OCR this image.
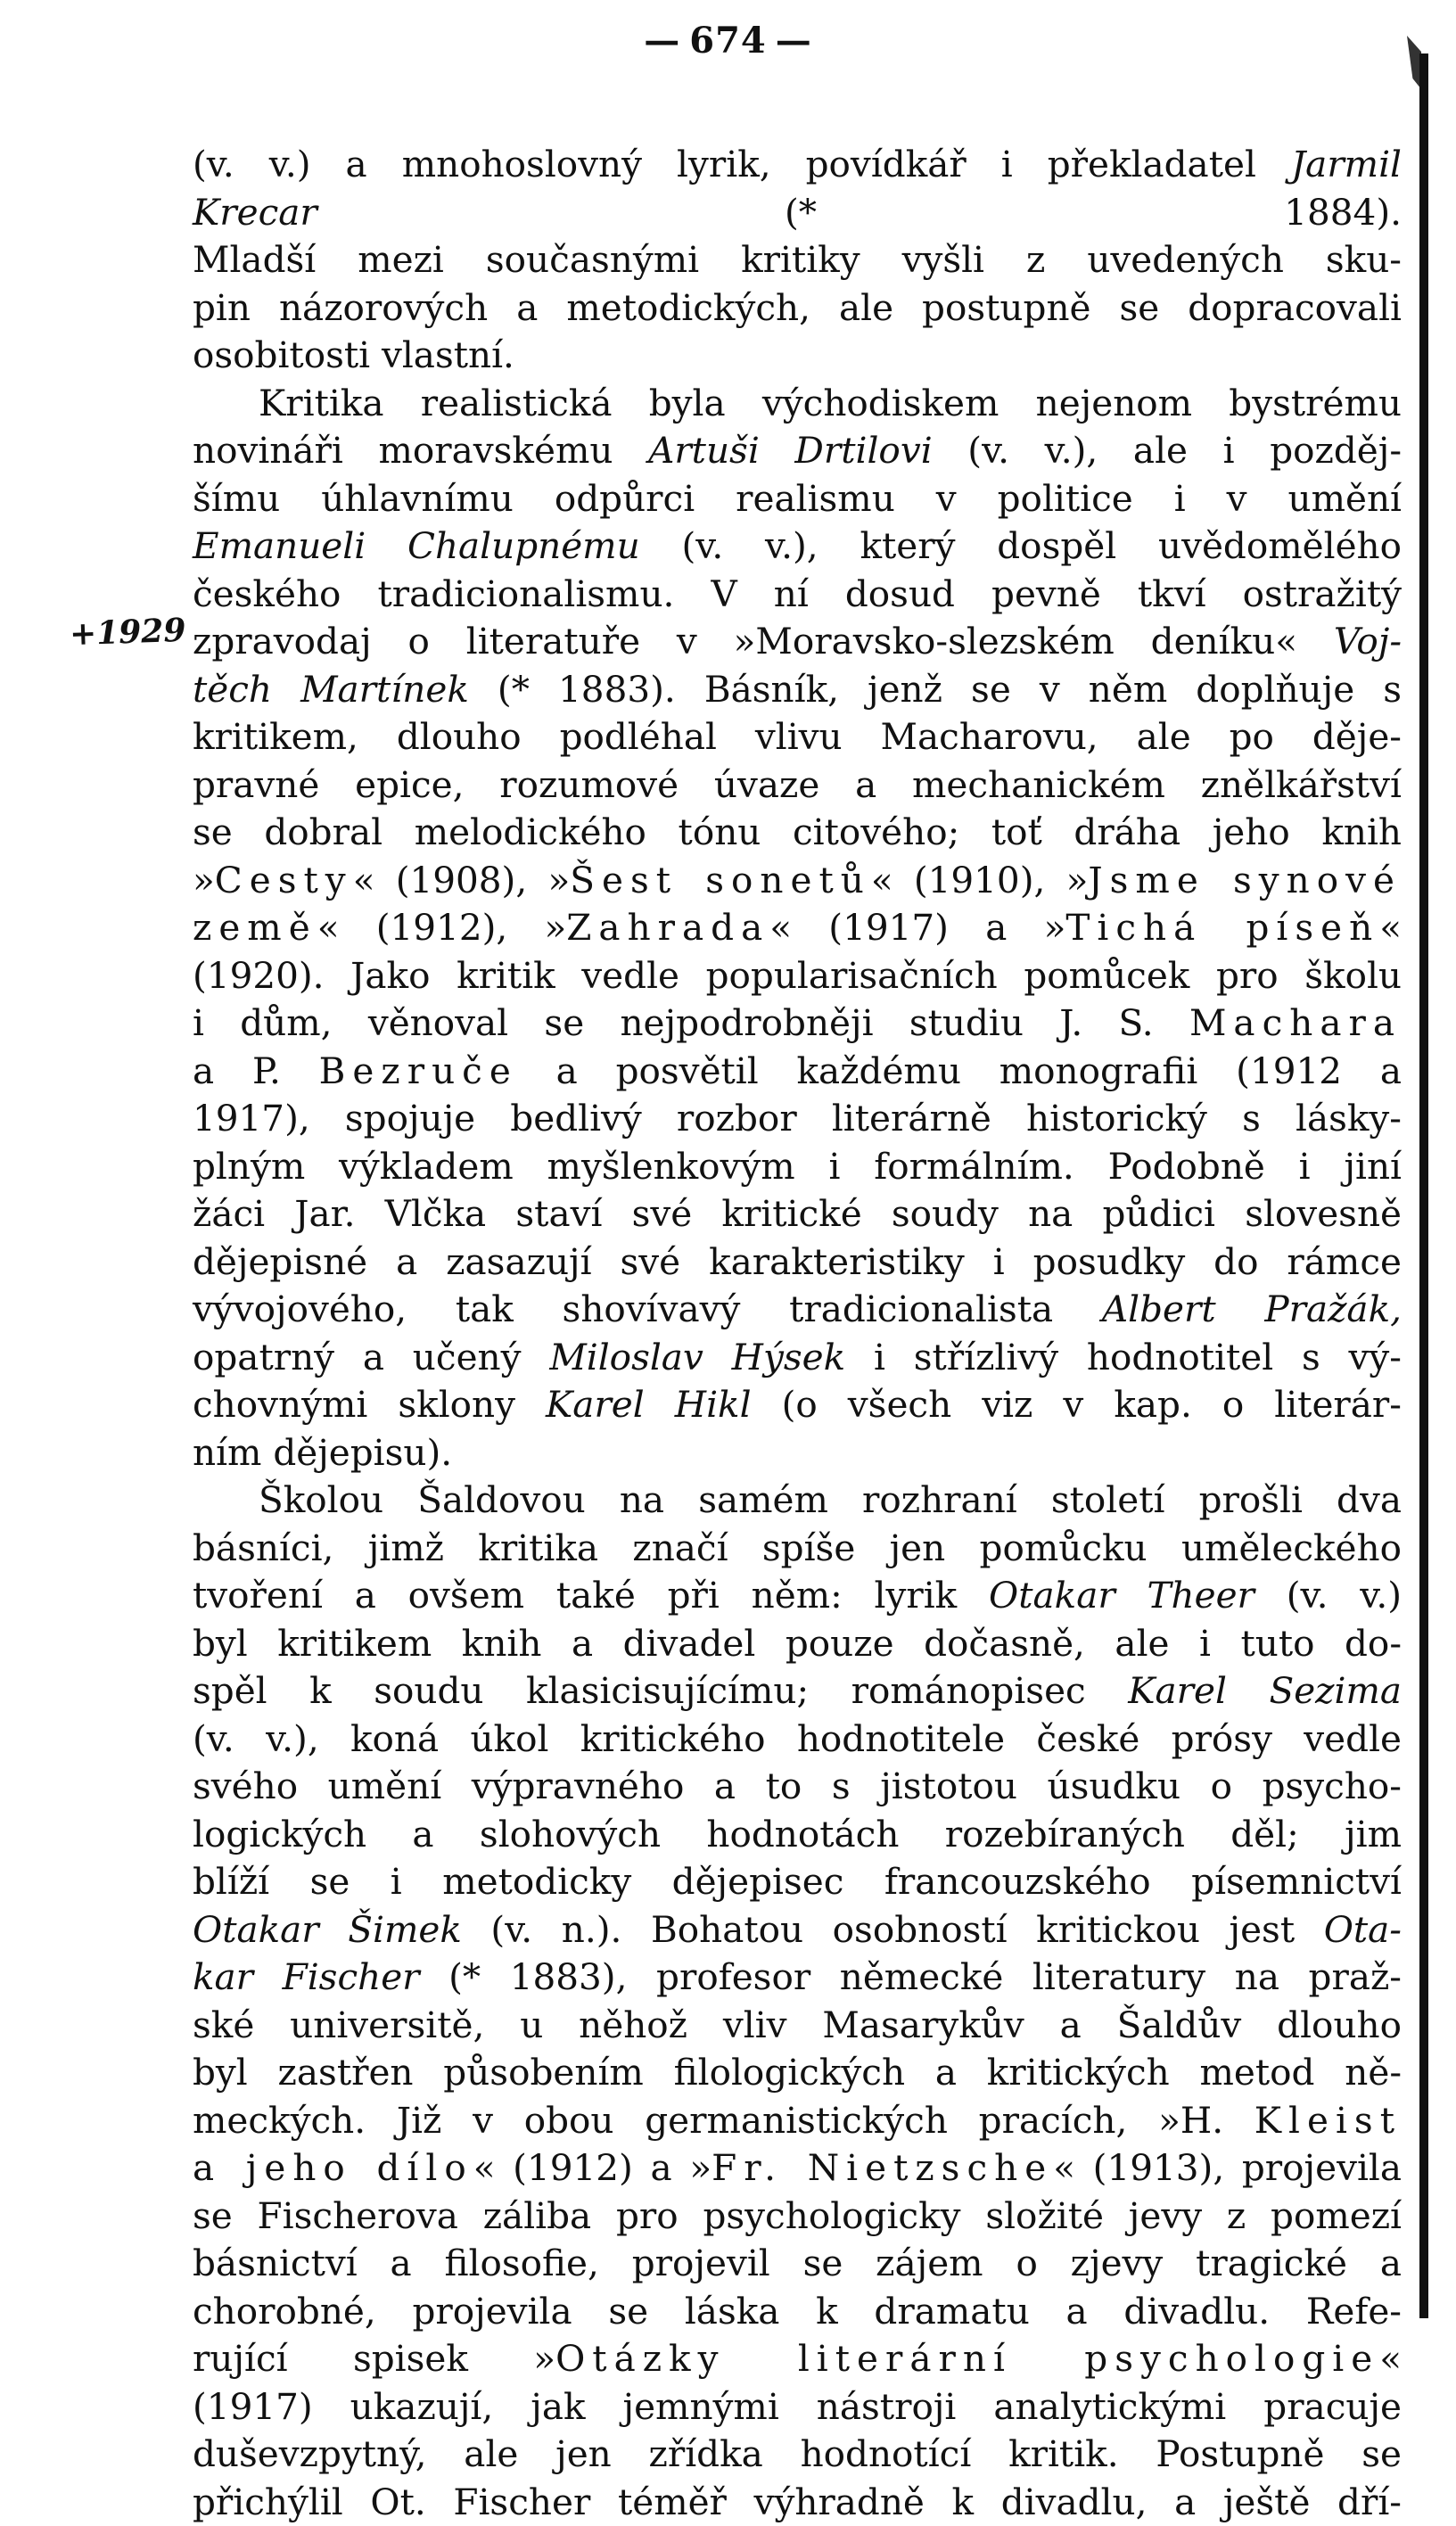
— 674 —
+1929
(v. v.) a mnohoslovný lyrik, povídkář i překladatel Jarmil
Krecar (* 1884).
Mladší mezi současnými kritiky vyšli z uvedených sku-
pin názorových a metodických, ale postupně se dopracovali
osobitosti vlastní.
Kritika realistická byla východiskem nejenom bystrému
novináři moravskému Artuši Drtilovi (v. v.), ale i pozděj-
šímu úhlavnímu odpůrci realismu v politice i v umění
Emanueli Chalupnému (v. v.), který dospěl uvědomělého
českého tradicionalismu. V ní dosud pevně tkví ostražitý
zpravodaj o literatuře v »Moravsko-slezském deníku« Voj-
těch Martínek (* 1883). Básník, jenž se v něm doplňuje s
kritikem, dlouho podléhal vlivu Macharovu, ale po děje-
pravné epice, rozumové úvaze a mechanickém znělkářství
se dobral melodického tónu citového; toť dráha jeho knih
»Cesty« (1908), »Šest sonetů« (1910), »Jsme synové
země« (1912), »Zahrada« (1917) a »Tichá píseň«
(1920). Jako kritik vedle popularisačních pomůcek pro školu
i dům, věnoval se nejpodrobněji studiu J. S. Machara
a P. Bezruče a posvětil každému monografii (1912 a
1917), spojuje bedlivý rozbor literárně historický s lásky-
plným výkladem myšlenkovým i formálním. Podobně i jiní
žáci Jar. Vlčka staví své kritické soudy na půdici slovesně
dějepisné a zasazují své karakteristiky i posudky do rámce
vývojového, tak shovívavý tradicionalista Albert Pražák,
opatrný a učený Miloslav Hýsek i střízlivý hodnotitel s vý-
chovnými sklony Karel Hikl (o všech viz v kap. o literár-
ním dějepisu).
Školou Šaldovou na samém rozhraní století prošli dva
básníci, jimž kritika značí spíše jen pomůcku uměleckého
tvoření a ovšem také při něm: lyrik Otakar Theer (v. v.)
byl kritikem knih a divadel pouze dočasně, ale i tuto do-
spěl k soudu klasicisujícímu; románopisec Karel Sezima
(v. v.), koná úkol kritického hodnotitele české prósy vedle
svého umění výpravného a to s jistotou úsudku o psycho-
logických a slohových hodnotách rozebíraných děl; jim
blíží se i metodicky dějepisec francouzského písemnictví
Otakar Šimek (v. n.). Bohatou osobností kritickou jest Ota-
kar Fischer (* 1883), profesor německé literatury na praž-
ské universitě, u něhož vliv Masarykův a Šaldův dlouho
byl zastřen působením filologických a kritických metod ně-
meckých. Již v obou germanistických pracích, »H. Kleist
a jeho dílo« (1912) a »Fr. Nietzsche« (1913), projevila
se Fischerova záliba pro psychologicky složité jevy z pomezí
básnictví a filosofie, projevil se zájem o zjevy tragické a
chorobné, projevila se láska k dramatu a divadlu. Refe-
rující spisek »Otázky literární psychologie«
(1917) ukazují, jak jemnými nástroji analytickými pracuje
duševzpytný, ale jen zřídka hodnotící kritik. Postupně se
přichýlil Ot. Fischer téměř výhradně k divadlu, a ještě dří-
